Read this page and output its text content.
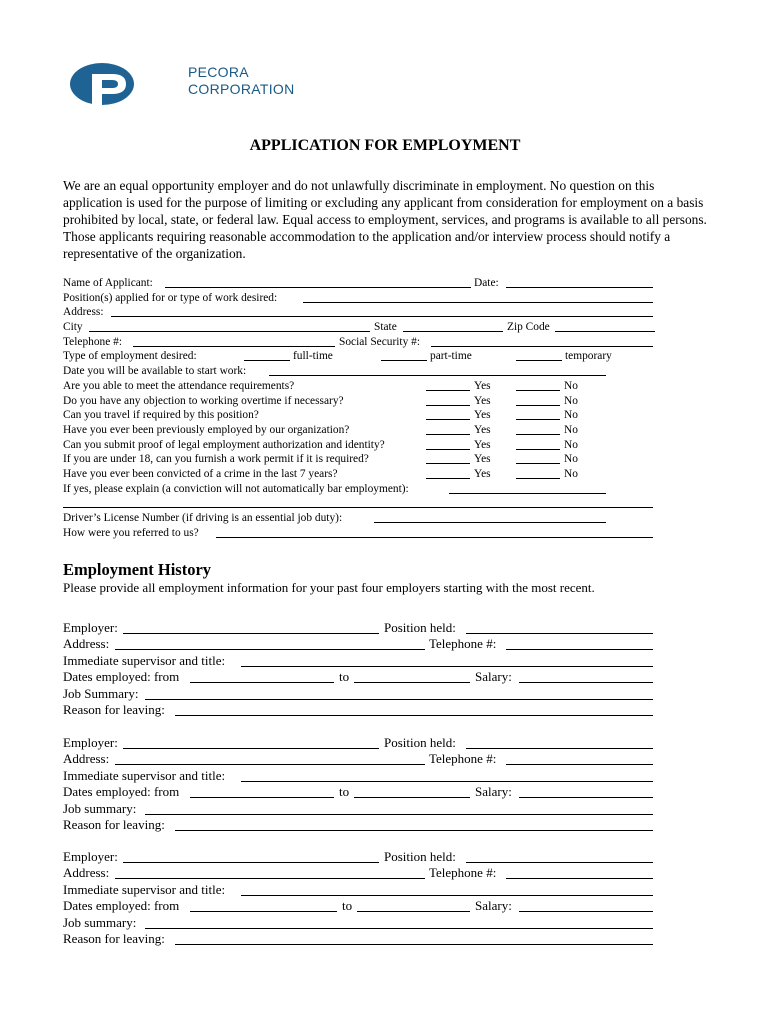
PECORA
CORPORATION
APPLICATION FOR EMPLOYMENT
We are an equal opportunity employer and do not unlawfully discriminate in employment. No question on this application is used for the purpose of limiting or excluding any applicant from consideration for employment on a basis prohibited by local, state, or federal law. Equal access to employment, services, and programs is available to all persons. Those applicants requiring reasonable accommodation to the application and/or interview process should notify a representative of the organization.
Name of Applicant:	Date:
Position(s) applied for or type of work desired:
Address:
City	State	Zip Code
Telephone #:	Social Security #:
Type of employment desired:	full-time	part-time	temporary
Date you will be available to start work:
Are you able to meet the attendance requirements?	Yes	No
Do you have any objection to working overtime if necessary?	Yes	No
Can you travel if required by this position?	Yes	No
Have you ever been previously employed by our organization?	Yes	No
Can you submit proof of legal employment authorization and identity?	Yes	No
If you are under 18, can you furnish a work permit if it is required?	Yes	No
Have you ever been convicted of a crime in the last 7 years?	Yes	No
If yes, please explain (a conviction will not automatically bar employment):
Driver’s License Number (if driving is an essential job duty):
How were you referred to us?
Employment History
Please provide all employment information for your past four employers starting with the most recent.
Employer:	Position held:
Address:	Telephone #:
Immediate supervisor and title:
Dates employed: from	to	Salary:
Job Summary:
Reason for leaving:
Employer:	Position held:
Address:	Telephone #:
Immediate supervisor and title:
Dates employed: from	to	Salary:
Job summary:
Reason for leaving:
Employer:	Position held:
Address:	Telephone #:
Immediate supervisor and title:
Dates employed: from	to	Salary:
Job summary:
Reason for leaving:
